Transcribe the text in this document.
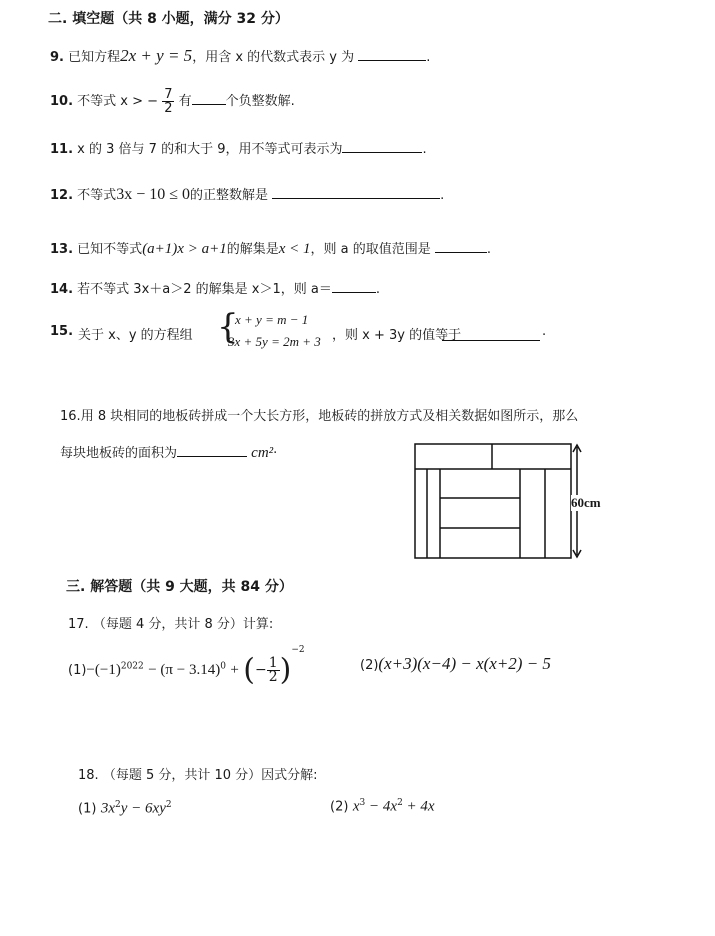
二. 填空题（共 8 小题，满分 32 分）
9. 已知方程2x + y = 5，用含 x 的代数式表示 y 为	.
10. 不等式 x > − $\frac{7}{2}$ 有	个负整数解.
11. x 的 3 倍与 7 的和大于 9，用不等式可表示为	.
12. 不等式3x − 10 ≤ 0的正整数解是	.
13. 已知不等式(a+1)x > a+1的解集是x < 1，则 a 的取值范围是	.
14. 若不等式 3x＋a＞2 的解集是 x＞1，则 a＝	.
15. 关于 x、y 的方程组 {
x + y = m − 1
3x + 5y = 2m + 3 ，则 x + 3y 的值等于	.
16.用 8 块相同的地板砖拼成一个大长方形，地板砖的拼放方式及相关数据如图所示，那么
每块地板砖的面积为	cm²·
60cm
三. 解答题（共 9 大题，共 84 分）
17. （每题 4 分，共计 8 分）计算:
$(1)-(-1)^{2022} - (\pi - 3.14)^0$ + (− $\frac{1}{2} )^{-2}$
(2)(x+3)(x−4) − x(x+2) − 5
18. （每题 5 分，共计 10 分）因式分解:
(1) $3x^2y - 6xy^2$	(2) $x^3 - 4x^2 + 4x$
